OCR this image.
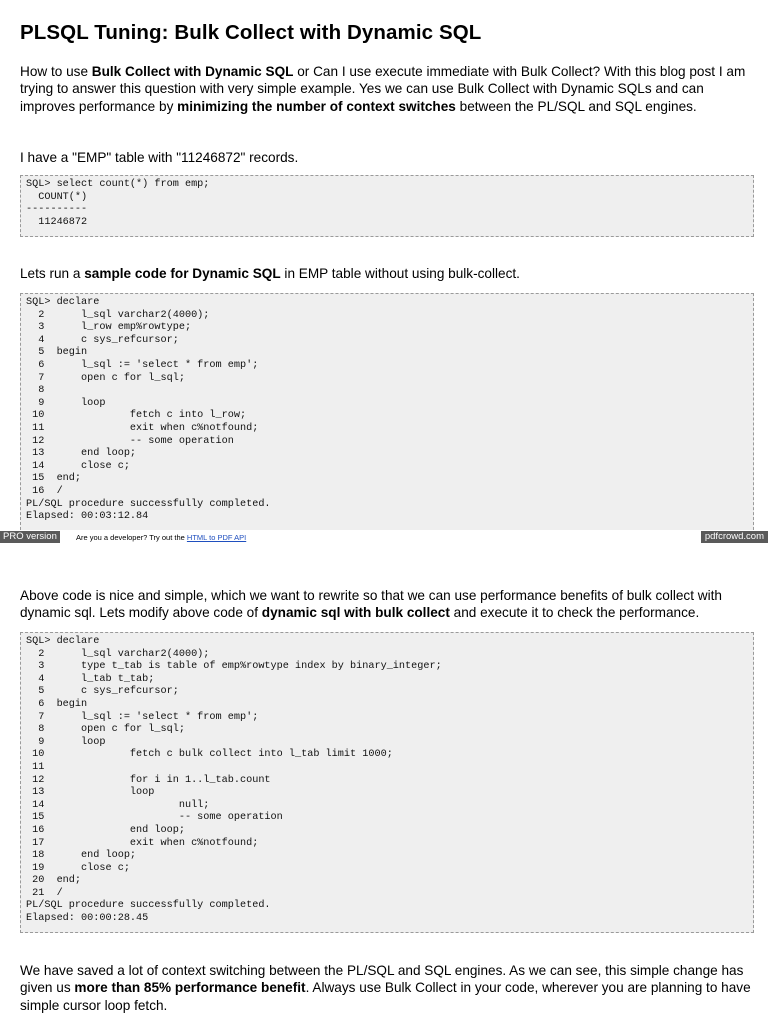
PLSQL Tuning: Bulk Collect with Dynamic SQL

How to use Bulk Collect with Dynamic SQL or Can I use execute immediate with Bulk Collect? With this blog post I am trying to answer this question with very simple example. Yes we can use Bulk Collect with Dynamic SQLs and can improves performance by minimizing the number of context switches between the PL/SQL and SQL engines.

I have a "EMP" table with "11246872" records.

SQL> select count(*) from emp;
COUNT(*)
----------
11246872

Lets run a sample code for Dynamic SQL in EMP table without using bulk-collect.

SQL> declare
2      l_sql varchar2(4000);
3      l_row emp%rowtype;
4      c sys_refcursor;
5  begin
6      l_sql := 'select * from emp';
7      open c for l_sql;
8
9      loop
10              fetch c into l_row;
11              exit when c%notfound;
12              -- some operation
13      end loop;
14      close c;
15  end;
16  /
PL/SQL procedure successfully completed.
Elapsed: 00:03:12.84
PRO version	Are you a developer? Try out the HTML to PDF API	pdfcrowd.com

Above code is nice and simple, which we want to rewrite so that we can use performance benefits of bulk collect with dynamic sql. Lets modify above code of dynamic sql with bulk collect and execute it to check the performance.

SQL> declare
2      l_sql varchar2(4000);
3      type t_tab is table of emp%rowtype index by binary_integer;
4      l_tab t_tab;
5      c sys_refcursor;
6  begin
7      l_sql := 'select * from emp';
8      open c for l_sql;
9      loop
10              fetch c bulk collect into l_tab limit 1000;
11
12              for i in 1..l_tab.count
13              loop
14                      null;
15                      -- some operation
16              end loop;
17              exit when c%notfound;
18      end loop;
19      close c;
20  end;
21  /
PL/SQL procedure successfully completed.
Elapsed: 00:00:28.45

We have saved a lot of context switching between the PL/SQL and SQL engines. As we can see, this simple change has given us more than 85% performance benefit. Always use Bulk Collect in your code, wherever you are planning to have simple cursor loop fetch.
